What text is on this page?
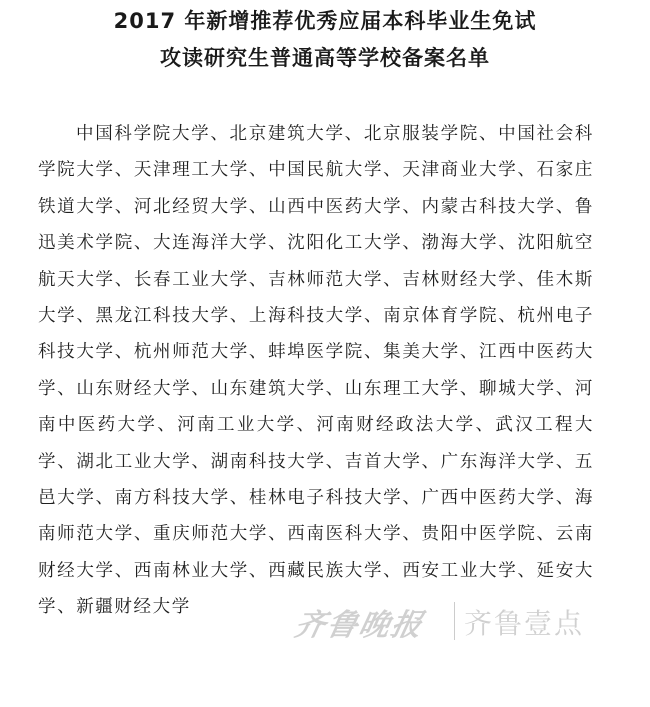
2017 年新增推荐优秀应届本科毕业生免试
攻读研究生普通高等学校备案名单

中国科学院大学、北京建筑大学、北京服装学院、中国社会科学院大学、天津理工大学、中国民航大学、天津商业大学、石家庄铁道大学、河北经贸大学、山西中医药大学、内蒙古科技大学、鲁迅美术学院、大连海洋大学、沈阳化工大学、渤海大学、沈阳航空航天大学、长春工业大学、吉林师范大学、吉林财经大学、佳木斯大学、黑龙江科技大学、上海科技大学、南京体育学院、杭州电子科技大学、杭州师范大学、蚌埠医学院、集美大学、江西中医药大学、山东财经大学、山东建筑大学、山东理工大学、聊城大学、河南中医药大学、河南工业大学、河南财经政法大学、武汉工程大学、湖北工业大学、湖南科技大学、吉首大学、广东海洋大学、五邑大学、南方科技大学、桂林电子科技大学、广西中医药大学、海南师范大学、重庆师范大学、西南医科大学、贵阳中医学院、云南财经大学、西南林业大学、西藏民族大学、西安工业大学、延安大学、新疆财经大学

齐鲁晚报 齐鲁壹点
